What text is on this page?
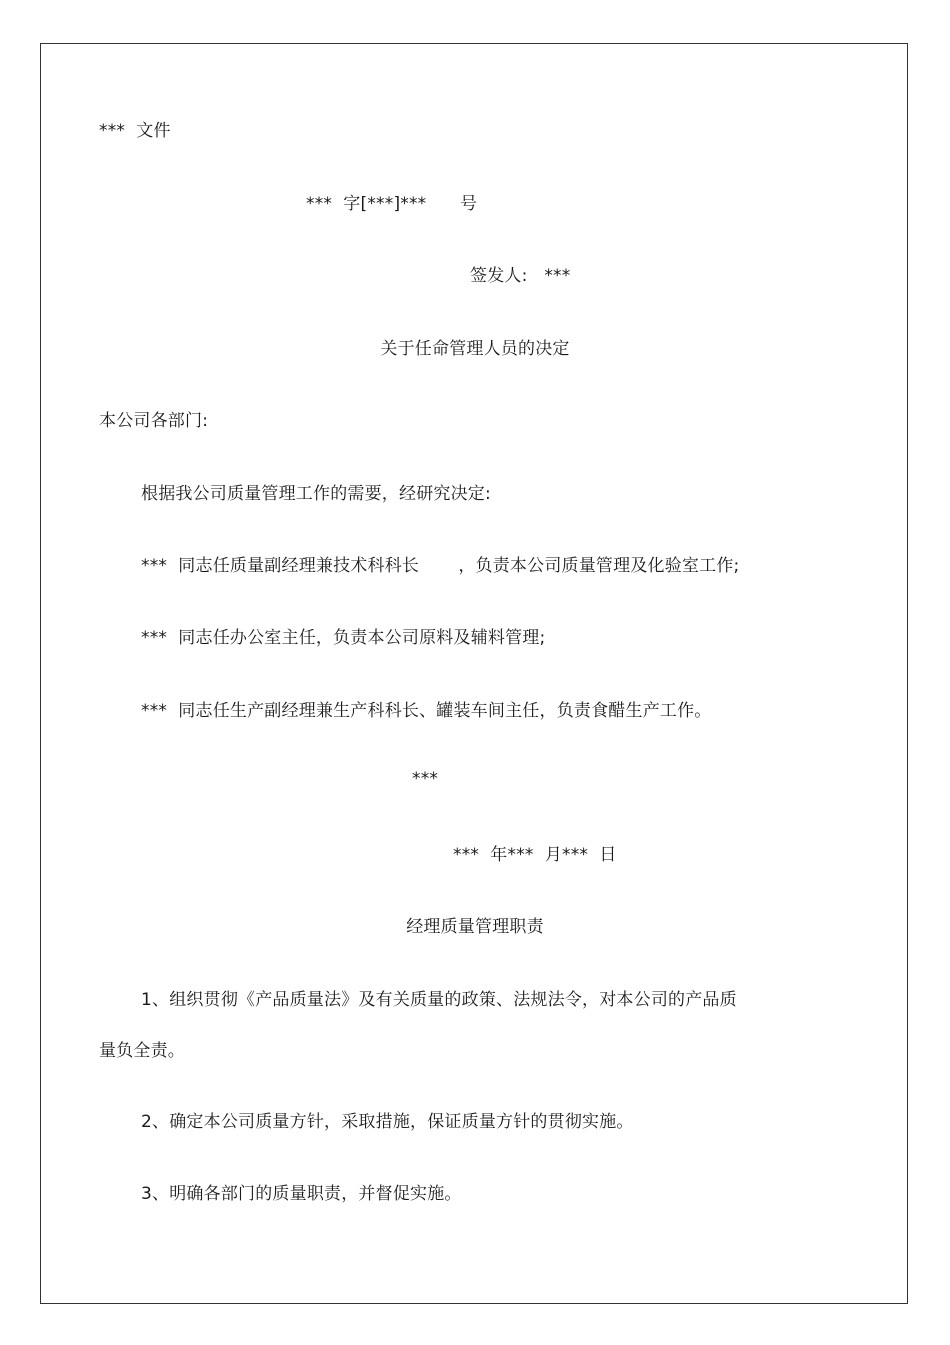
***  文件
***  字[***]***      号
签发人:   ***
关于任命管理人员的决定
本公司各部门:
根据我公司质量管理工作的需要，经研究决定:
***  同志任质量副经理兼技术科科长       ，负责本公司质量管理及化验室工作;
***  同志任办公室主任，负责本公司原料及辅料管理;
***  同志任生产副经理兼生产科科长、罐装车间主任，负责食醋生产工作。
***
***  年***  月***  日
经理质量管理职责
1、组织贯彻《产品质量法》及有关质量的政策、法规法令，对本公司的产品质
量负全责。
2、确定本公司质量方针，采取措施，保证质量方针的贯彻实施。
3、明确各部门的质量职责，并督促实施。
